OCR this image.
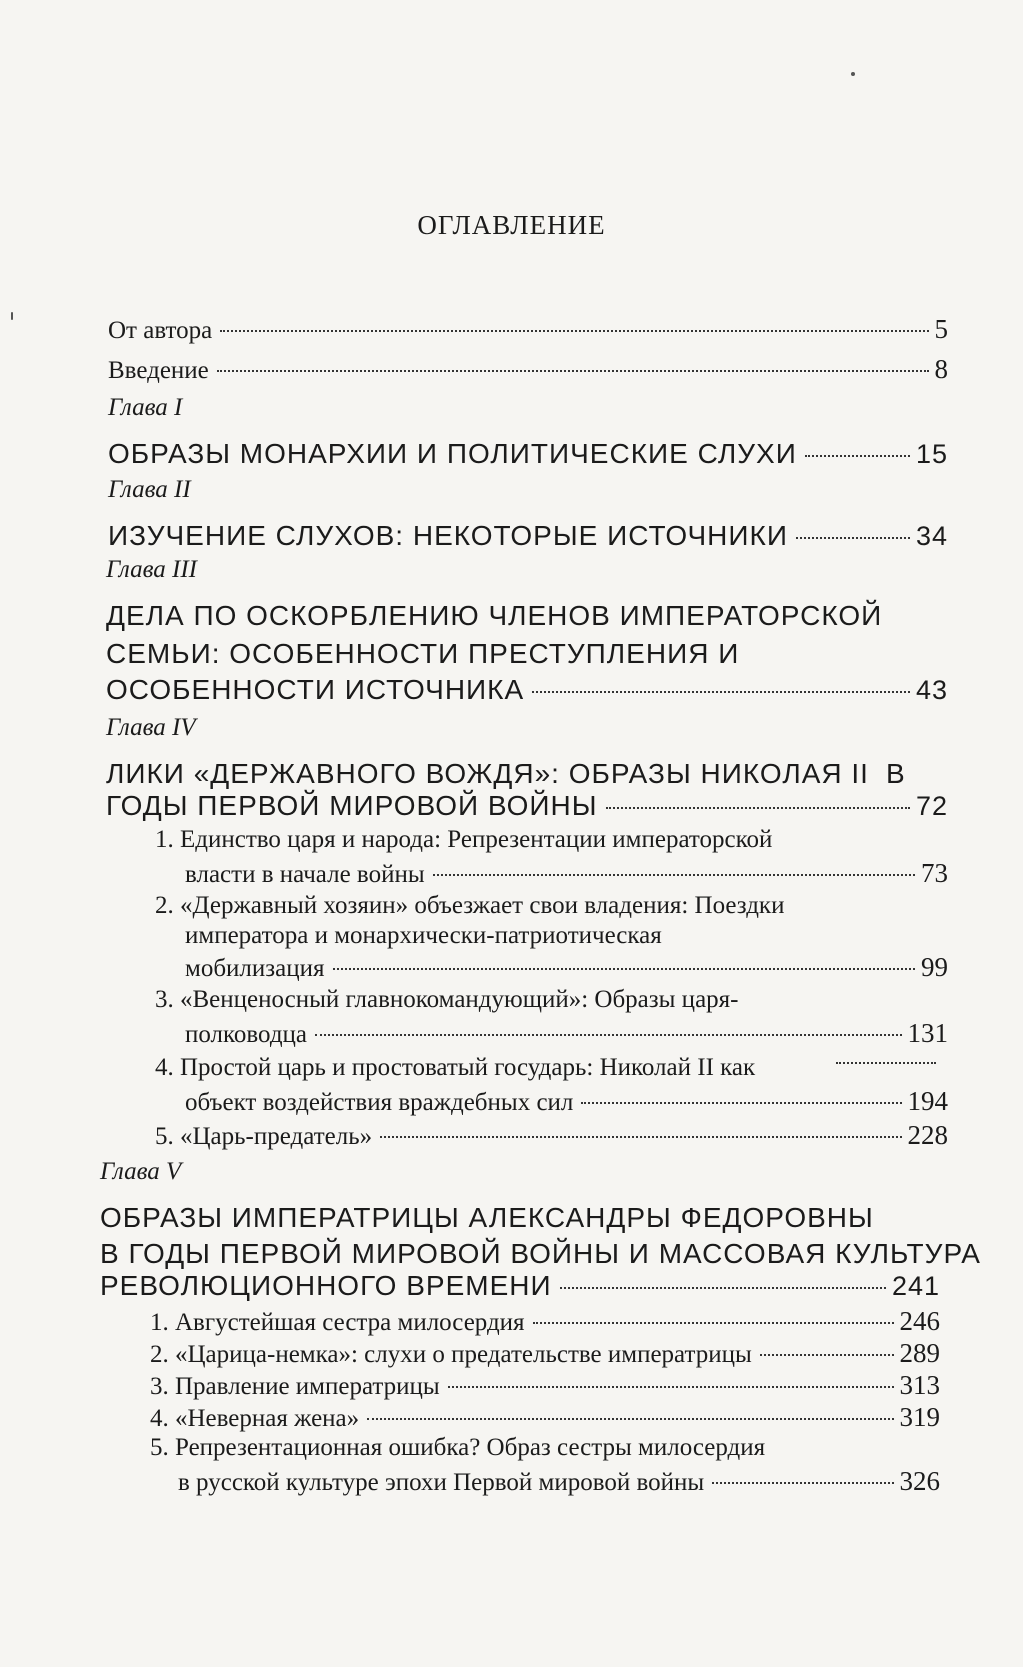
ОГЛАВЛЕНИЕ
От автора	5
Введение	8
Глава I
ОБРАЗЫ МОНАРХИИ И ПОЛИТИЧЕСКИЕ СЛУХИ	15
Глава II
ИЗУЧЕНИЕ СЛУХОВ: НЕКОТОРЫЕ ИСТОЧНИКИ	34
Глава III
ДЕЛА ПО ОСКОРБЛЕНИЮ ЧЛЕНОВ ИМПЕРАТОРСКОЙ
СЕМЬИ: ОСОБЕННОСТИ ПРЕСТУПЛЕНИЯ И
ОСОБЕННОСТИ ИСТОЧНИКА	43
Глава IV
ЛИКИ «ДЕРЖАВНОГО ВОЖДЯ»: ОБРАЗЫ НИКОЛАЯ II В
ГОДЫ ПЕРВОЙ МИРОВОЙ ВОЙНЫ	72
1. Единство царя и народа: Репрезентации императорской
власти в начале войны	73
2. «Державный хозяин» объезжает свои владения: Поездки
императора и монархически-патриотическая
мобилизация	99
3. «Венценосный главнокомандующий»: Образы царя-
полководца	131
4. Простой царь и простоватый государь: Николай II как
объект воздействия враждебных сил	194
5. «Царь-предатель»	228
Глава V
ОБРАЗЫ ИМПЕРАТРИЦЫ АЛЕКСАНДРЫ ФЕДОРОВНЫ
В ГОДЫ ПЕРВОЙ МИРОВОЙ ВОЙНЫ И МАССОВАЯ КУЛЬТУРА
РЕВОЛЮЦИОННОГО ВРЕМЕНИ	241
1. Августейшая сестра милосердия	246
2. «Царица-немка»: слухи о предательстве императрицы	289
3. Правление императрицы	313
4. «Неверная жена»	319
5. Репрезентационная ошибка? Образ сестры милосердия
в русской культуре эпохи Первой мировой войны	326
